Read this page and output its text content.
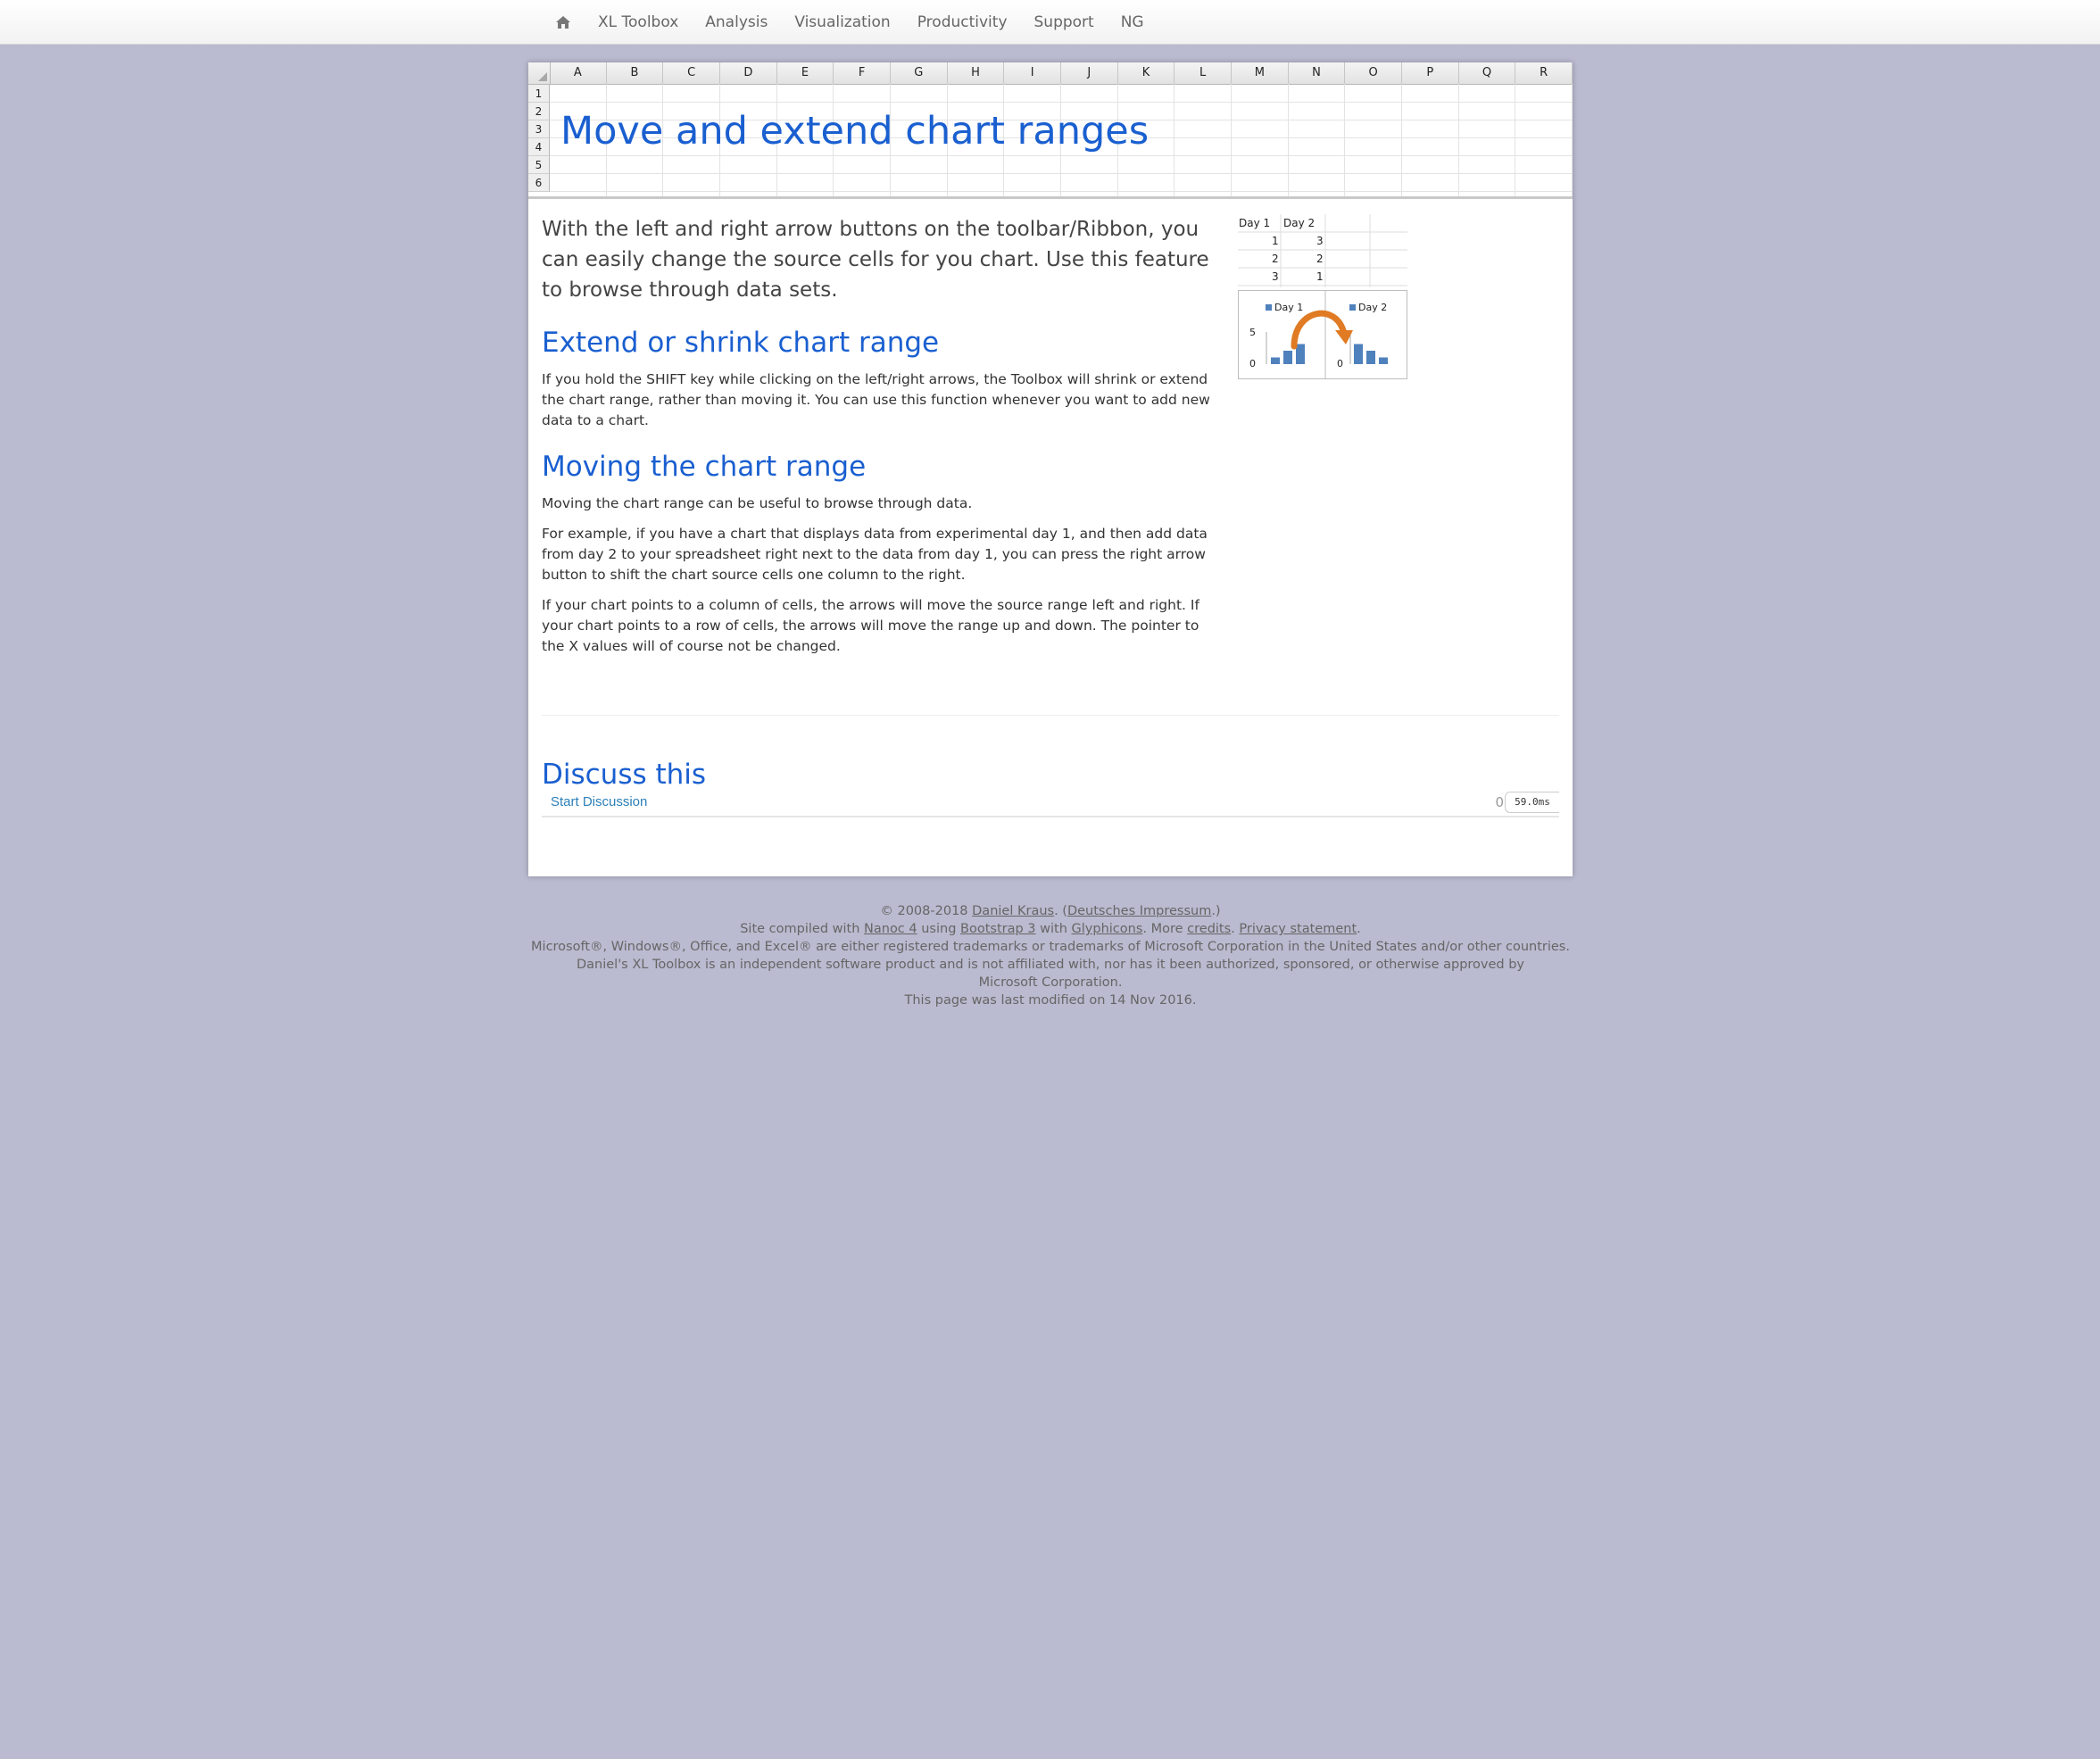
XL Toolbox	Analysis	Visualization	Productivity	Support	NG
A	B	C	D	E	F	G	H	I	J	K	L	M	N	O	P	Q	R
1
2
3
4
5
6
Move and extend chart ranges

With the left and right arrow buttons on the toolbar/Ribbon, you can easily change the source cells for you chart. Use this feature to browse through data sets.

Extend or shrink chart range

If you hold the SHIFT key while clicking on the left/right arrows, the Toolbox will shrink or extend the chart range, rather than moving it. You can use this function whenever you want to add new data to a chart.

Moving the chart range

Moving the chart range can be useful to browse through data.

For example, if you have a chart that displays data from experimental day 1, and then add data from day 2 to your spreadsheet right next to the data from day 1, you can press the right arrow button to shift the chart source cells one column to the right.

If your chart points to a column of cells, the arrows will move the source range left and right. If your chart points to a row of cells, the arrows will move the range up and down. The pointer to the X values will of course not be changed.

Day 1 Day 2
1	3
2	2
3	1
Day 1
5
0
Day 2
0
Discuss this
Start Discussion	0	59.0ms
© 2008-2018 Daniel Kraus. (Deutsches Impressum.)
Site compiled with Nanoc 4 using Bootstrap 3 with Glyphicons. More credits. Privacy statement.
Microsoft®, Windows®, Office, and Excel® are either registered trademarks or trademarks of Microsoft Corporation in the United States and/or other countries.
Daniel's XL Toolbox is an independent software product and is not affiliated with, nor has it been authorized, sponsored, or otherwise approved by Microsoft Corporation.
This page was last modified on 14 Nov 2016.
